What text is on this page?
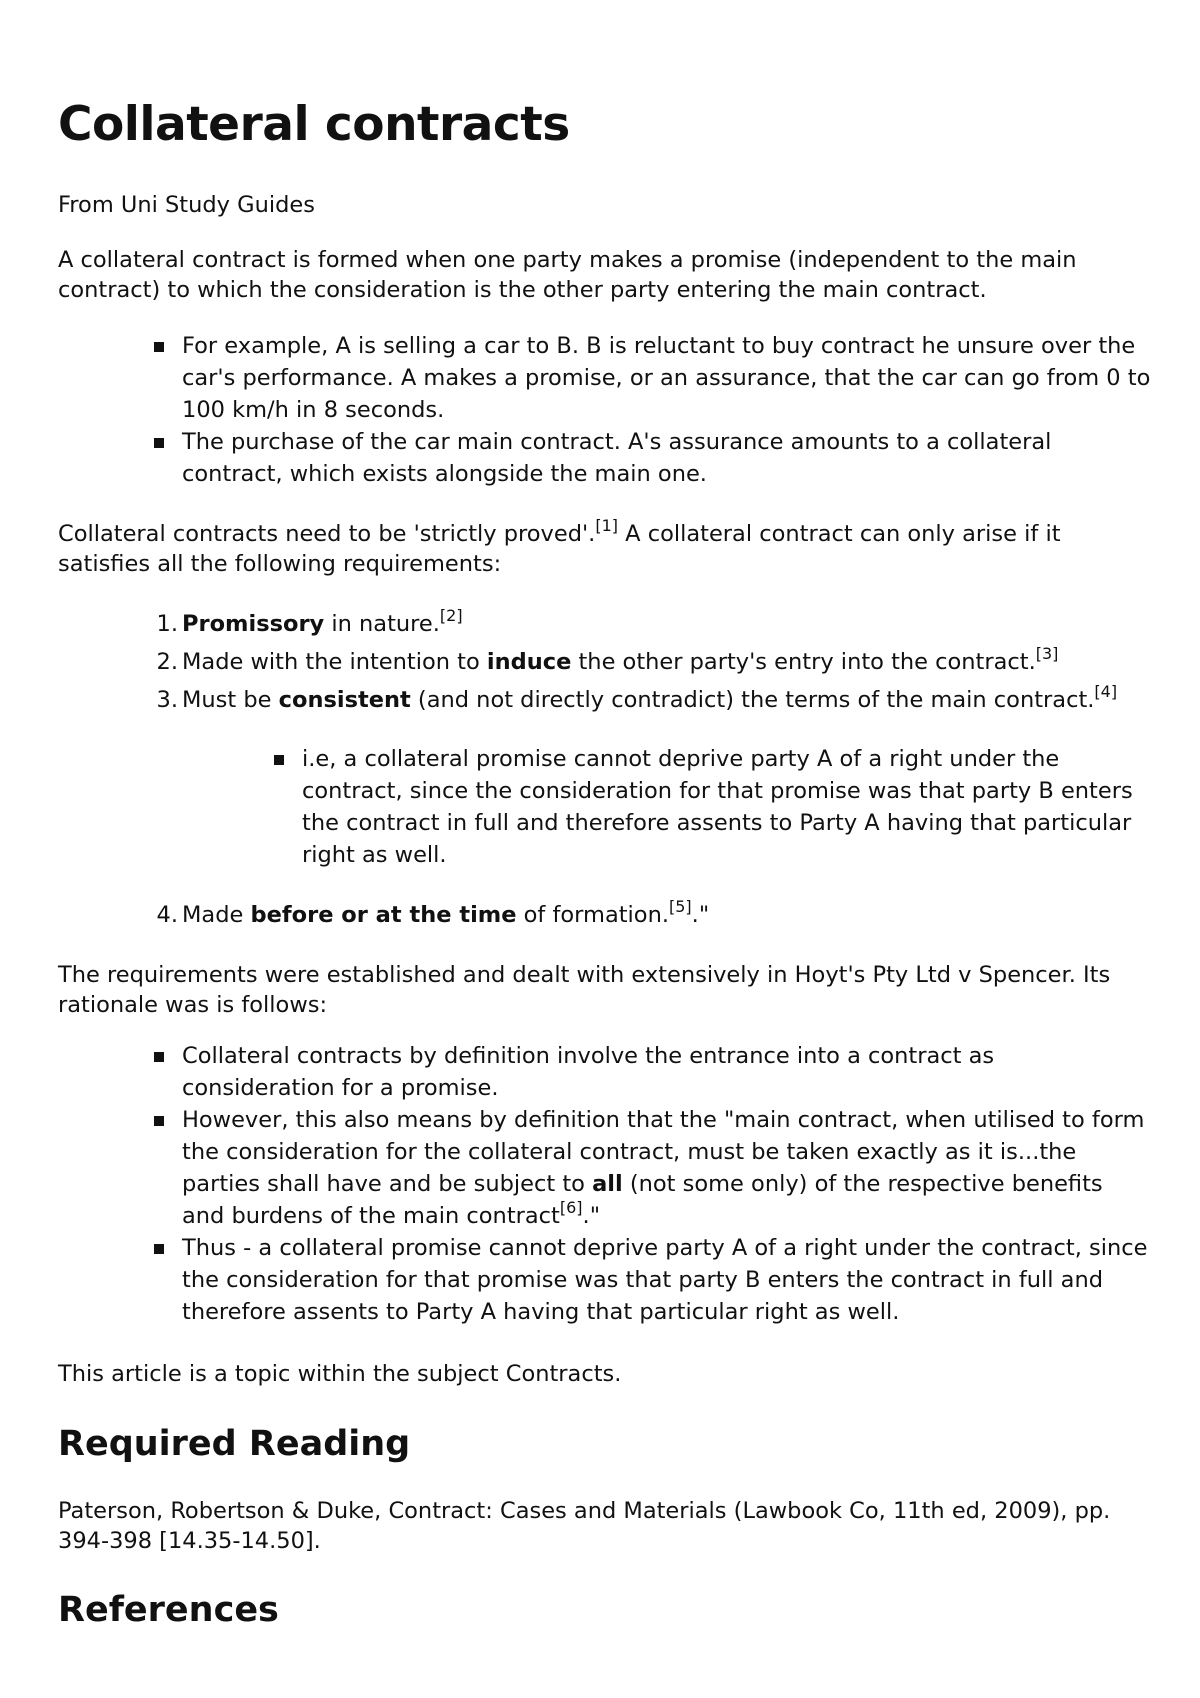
Collateral contracts

From Uni Study Guides

A collateral contract is formed when one party makes a promise (independent to the main contract) to which the consideration is the other party entering the main contract.

For example, A is selling a car to B. B is reluctant to buy contract he unsure over the car's performance. A makes a promise, or an assurance, that the car can go from 0 to 100 km/h in 8 seconds.
The purchase of the car main contract. A's assurance amounts to a collateral contract, which exists alongside the main one.

Collateral contracts need to be 'strictly proved'.[1] A collateral contract can only arise if it satisfies all the following requirements:

1. Promissory in nature.[2]
2. Made with the intention to induce the other party's entry into the contract.[3]
3. Must be consistent (and not directly contradict) the terms of the main contract.[4]
i.e, a collateral promise cannot deprive party A of a right under the contract, since the consideration for that promise was that party B enters the contract in full and therefore assents to Party A having that particular right as well.
4. Made before or at the time of formation.[5]."

The requirements were established and dealt with extensively in Hoyt's Pty Ltd v Spencer. Its rationale was is follows:

Collateral contracts by definition involve the entrance into a contract as consideration for a promise.
However, this also means by definition that the "main contract, when utilised to form the consideration for the collateral contract, must be taken exactly as it is...the parties shall have and be subject to all (not some only) of the respective benefits and burdens of the main contract[6]."
Thus - a collateral promise cannot deprive party A of a right under the contract, since the consideration for that promise was that party B enters the contract in full and therefore assents to Party A having that particular right as well.

This article is a topic within the subject Contracts.

Required Reading

Paterson, Robertson & Duke, Contract: Cases and Materials (Lawbook Co, 11th ed, 2009), pp. 394-398 [14.35-14.50].

References
